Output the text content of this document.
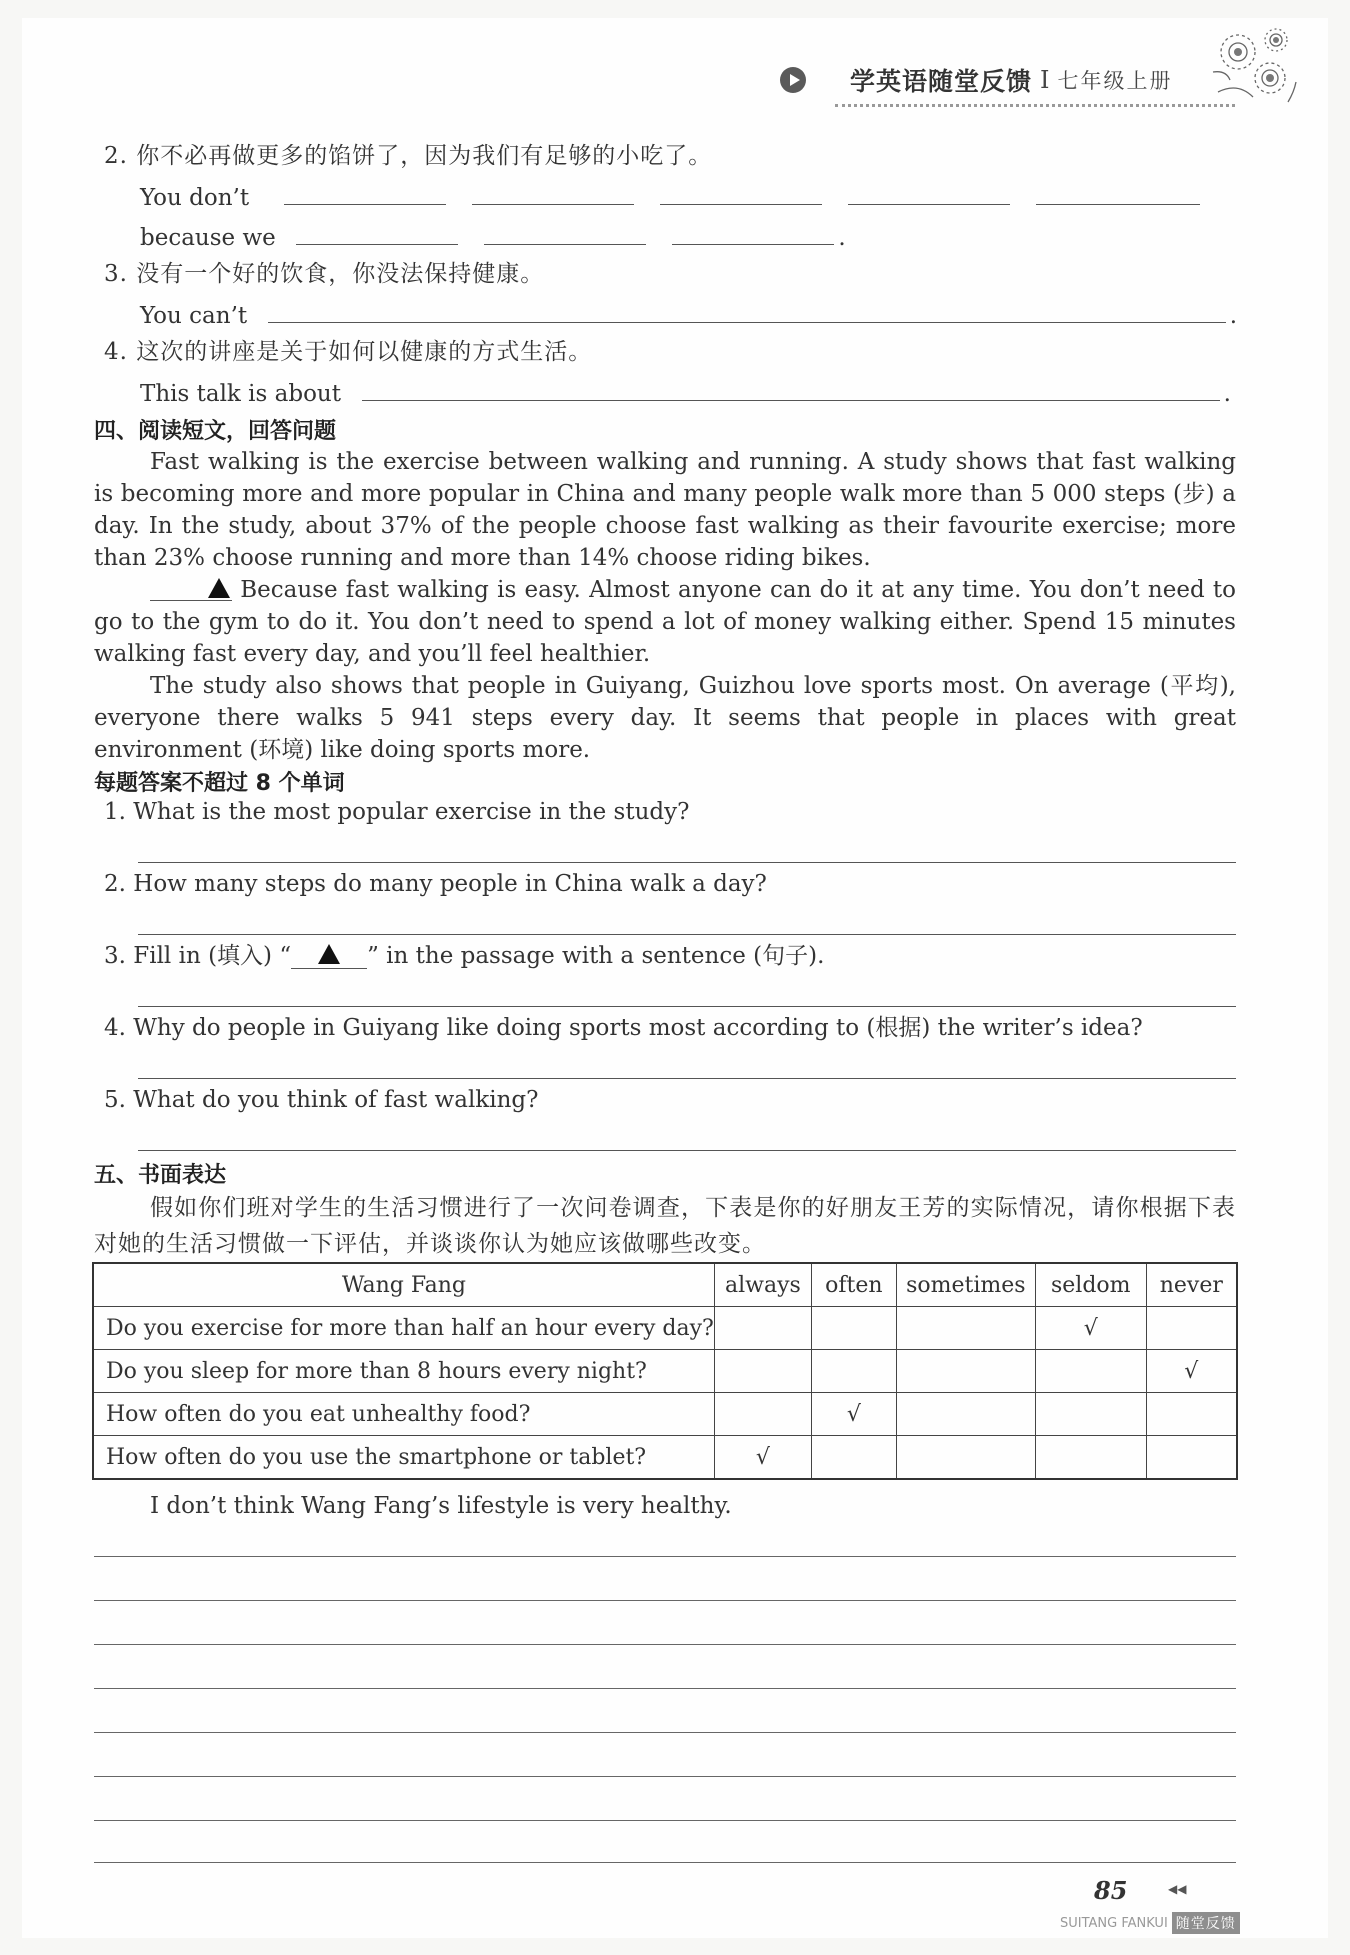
学英语随堂反馈 I 七年级上册
2. 你不必再做更多的馅饼了，因为我们有足够的小吃了。
You don’t
because we	.
3. 没有一个好的饮食，你没法保持健康。
You can’t	.
4. 这次的讲座是关于如何以健康的方式生活。
This talk is about	.
四、阅读短文，回答问题

Fast walking is the exercise between walking and running. A study shows that fast walking is becoming more and more popular in China and many people walk more than 5 000 steps (步) a day. In the study, about 37% of the people choose fast walking as their favourite exercise; more than 23% choose running and more than 14% choose riding bikes.

Because fast walking is easy. Almost anyone can do it at any time. You don’t need to go to the gym to do it. You don’t need to spend a lot of money walking either. Spend 15 minutes walking fast every day, and you’ll feel healthier.

The study also shows that people in Guiyang, Guizhou love sports most. On average (平均), everyone there walks 5 941 steps every day. It seems that people in places with great environment (环境) like doing sports more.

每题答案不超过 8 个单词
1. What is the most popular exercise in the study?
2. How many steps do many people in China walk a day?
3. Fill in (填入) “	” in the passage with a sentence (句子).
4. Why do people in Guiyang like doing sports most according to (根据) the writer’s idea?
5. What do you think of fast walking?
五、书面表达

假如你们班对学生的生活习惯进行了一次问卷调查，下表是你的好朋友王芳的实际情况，请你根据下表对她的生活习惯做一下评估，并谈谈你认为她应该做哪些改变。

Wang Fang	always	often	sometimes	seldom	never
Do you exercise for more than half an hour every day?				√	
Do you sleep for more than 8 hours every night?					√
How often do you eat unhealthy food?		√			
How often do you use the smartphone or tablet?	√				
I don’t think Wang Fang’s lifestyle is very healthy.
85	◀◀
SUITANG FANKUI 随堂反馈
